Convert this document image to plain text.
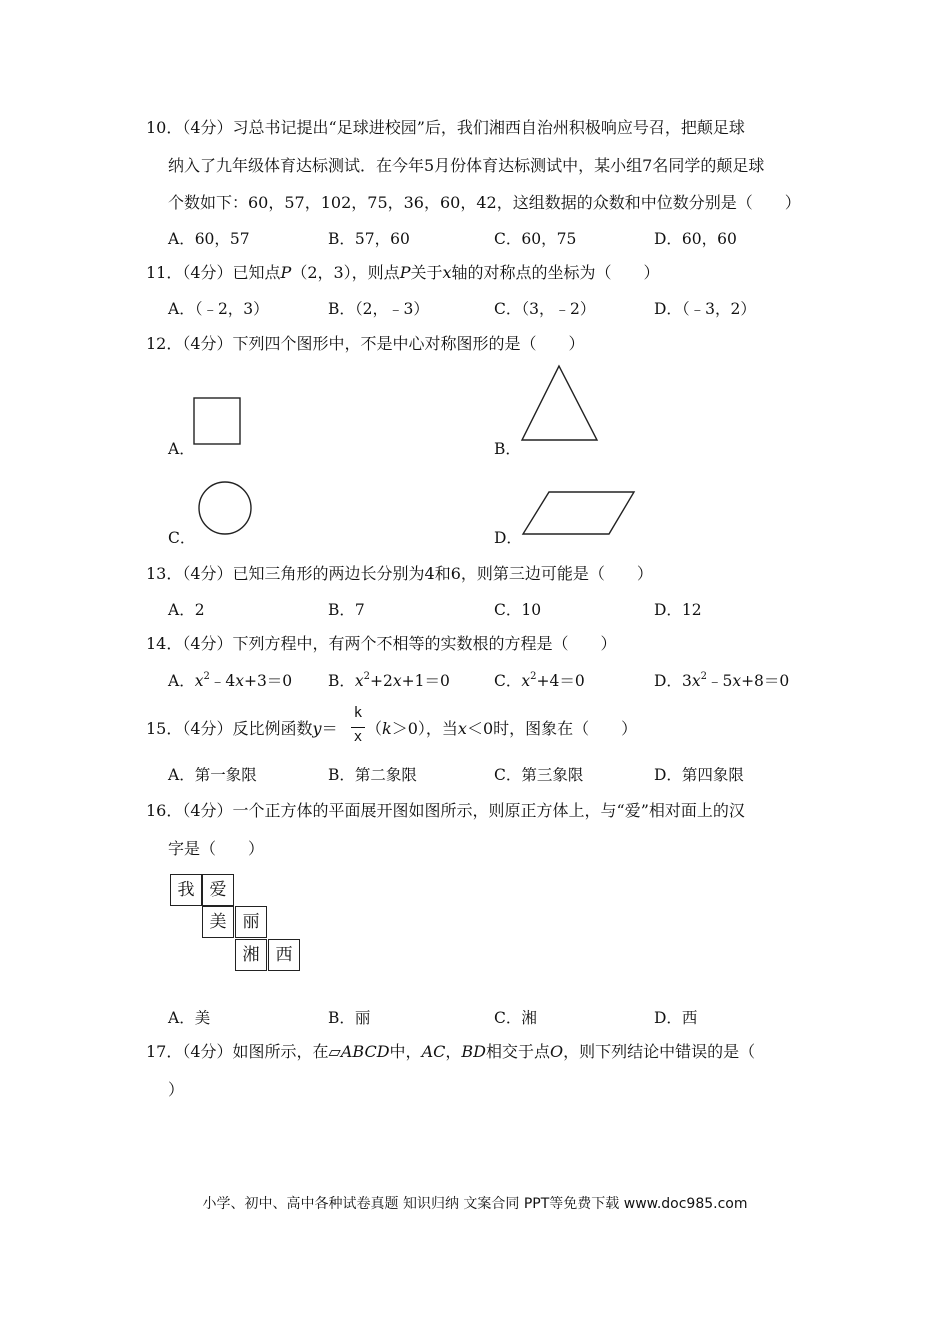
10．（4分）习总书记提出“足球进校园”后，我们湘西自治州积极响应号召，把颠足球
纳入了九年级体育达标测试．在今年5月份体育达标测试中，某小组7名同学的颠足球
个数如下：60，57，102，75，36，60，42，这组数据的众数和中位数分别是（　　）
A．60，57	B．57，60	C．60，75	D．60，60
11．（4分）已知点P（2，3），则点P关于x轴的对称点的坐标为（　　）
A．（﹣2，3）	B．（2，﹣3）	C．（3，﹣2）	D．（﹣3，2）
12．（4分）下列四个图形中，不是中心对称图形的是（　　）
A．	B．
C．	D．
13．（4分）已知三角形的两边长分别为4和6，则第三边可能是（　　）
A．2	B．7	C．10	D．12
14．（4分）下列方程中，有两个不相等的实数根的方程是（　　）
A．$x^2﹣4x+3=0$ B．$x^2+2x+1=0$	C．$x^2+4=0$	D．$3x^2﹣5x+8=0$
15．（4分）反比例函数y＝
k
x （k＞0），当x＜0时，图象在（　　）
A．第一象限	B．第二象限	C．第三象限	D．第四象限
16．（4分）一个正方体的平面展开图如图所示，则原正方体上，与“爱”相对面上的汉
字是（　　）
我 爱
美 丽
湘 西
A．美	B．丽	C．湘	D．西
17．（4分）如图所示，在▱ABCD中，AC，BD相交于点O，则下列结论中错误的是（
）
小学、初中、高中各种试卷真题 知识归纳 文案合同 PPT等免费下载 www.doc985.com
